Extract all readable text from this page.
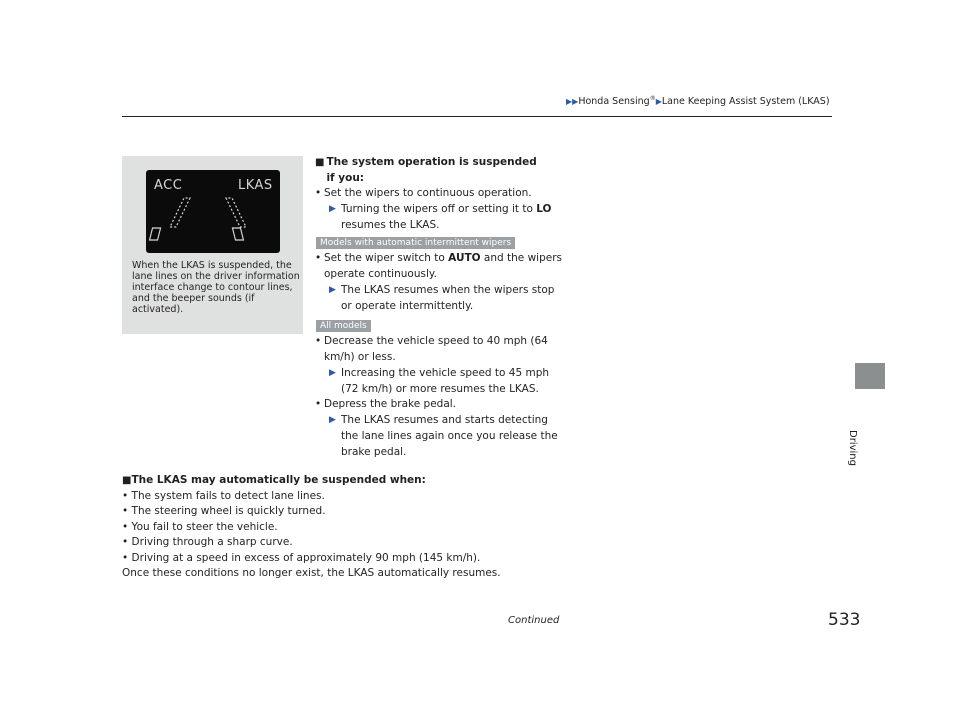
▶▶Honda Sensing®▶Lane Keeping Assist System (LKAS)
Driving
ACC	LKAS
When the LKAS is suspended, the lane lines on the driver information interface change to contour lines, and the beeper sounds (if activated).
■ The system operation is suspended if you:
• Set the wipers to continuous operation.
▶ Turning the wipers off or setting it to LO resumes the LKAS.
Models with automatic intermittent wipers
• Set the wiper switch to AUTO and the wipers operate continuously.
▶ The LKAS resumes when the wipers stop or operate intermittently.
All models
• Decrease the vehicle speed to 40 mph (64 km/h) or less.
▶ Increasing the vehicle speed to 45 mph (72 km/h) or more resumes the LKAS.
• Depress the brake pedal.
▶ The LKAS resumes and starts detecting the lane lines again once you release the brake pedal.
■The LKAS may automatically be suspended when:
• The system fails to detect lane lines.
• The steering wheel is quickly turned.
• You fail to steer the vehicle.
• Driving through a sharp curve.
• Driving at a speed in excess of approximately 90 mph (145 km/h).
Once these conditions no longer exist, the LKAS automatically resumes.
Continued	533
